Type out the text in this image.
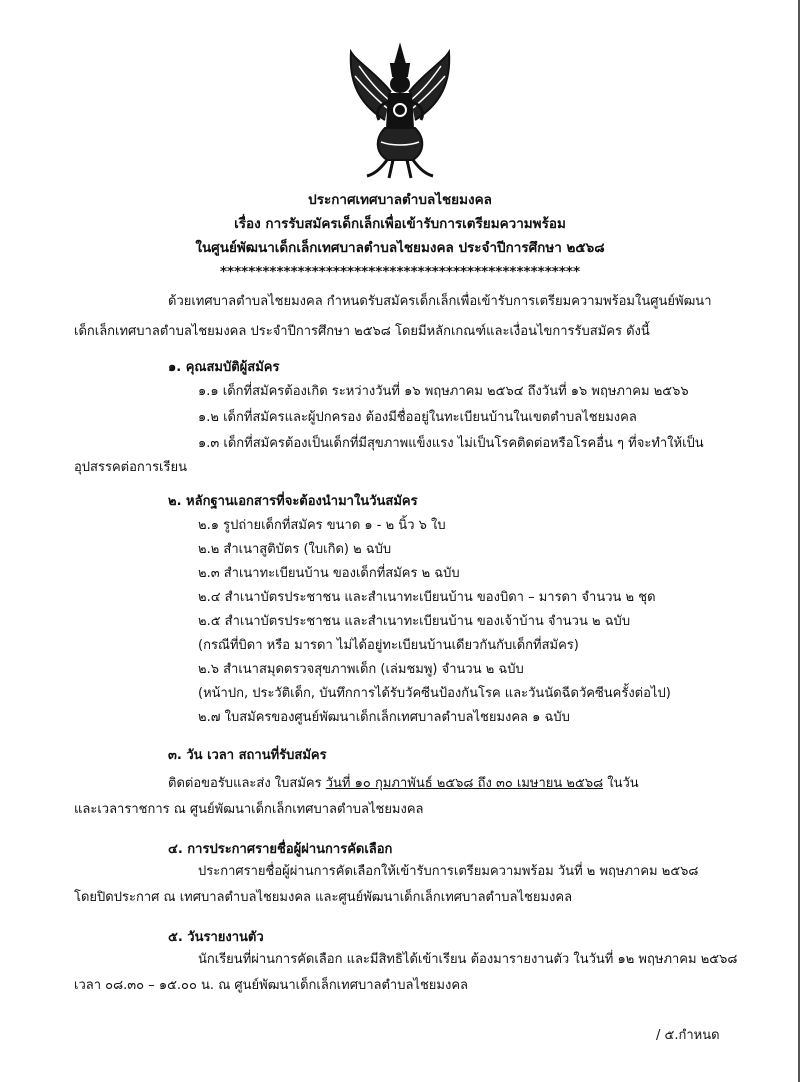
ประกาศเทศบาลตำบลไชยมงคล
เรื่อง การรับสมัครเด็กเล็กเพื่อเข้ารับการเตรียมความพร้อม
ในศูนย์พัฒนาเด็กเล็กเทศบาลตำบลไชยมงคล ประจำปีการศึกษา ๒๕๖๘
***************************************************
ด้วยเทศบาลตำบลไชยมงคล กำหนดรับสมัครเด็กเล็กเพื่อเข้ารับการเตรียมความพร้อมในศูนย์พัฒนา
เด็กเล็กเทศบาลตำบลไชยมงคล ประจำปีการศึกษา ๒๕๖๘ โดยมีหลักเกณฑ์และเงื่อนไขการรับสมัคร ดังนี้
๑. คุณสมบัติผู้สมัคร
๑.๑ เด็กที่สมัครต้องเกิด ระหว่างวันที่ ๑๖ พฤษภาคม ๒๕๖๔ ถึงวันที่ ๑๖ พฤษภาคม ๒๕๖๖
๑.๒ เด็กที่สมัครและผู้ปกครอง ต้องมีชื่ออยู่ในทะเบียนบ้านในเขตตำบลไชยมงคล
๑.๓ เด็กที่สมัครต้องเป็นเด็กที่มีสุขภาพแข็งแรง ไม่เป็นโรคติดต่อหรือโรคอื่น ๆ ที่จะทำให้เป็น
อุปสรรคต่อการเรียน
๒. หลักฐานเอกสารที่จะต้องนำมาในวันสมัคร
๒.๑ รูปถ่ายเด็กที่สมัคร ขนาด ๑ - ๒ นิ้ว ๖ ใบ
๒.๒ สำเนาสูติบัตร (ใบเกิด) ๒ ฉบับ
๒.๓ สำเนาทะเบียนบ้าน ของเด็กที่สมัคร ๒ ฉบับ
๒.๔ สำเนาบัตรประชาชน และสำเนาทะเบียนบ้าน ของบิดา – มารดา จำนวน ๒ ชุด
๒.๕ สำเนาบัตรประชาชน และสำเนาทะเบียนบ้าน ของเจ้าบ้าน จำนวน ๒ ฉบับ
(กรณีที่บิดา หรือ มารดา ไม่ได้อยู่ทะเบียนบ้านเดียวกันกับเด็กที่สมัคร)
๒.๖ สำเนาสมุดตรวจสุขภาพเด็ก (เล่มชมพู) จำนวน ๒ ฉบับ
(หน้าปก, ประวัติเด็ก, บันทึกการได้รับวัคซีนป้องกันโรค และวันนัดฉีดวัคซีนครั้งต่อไป)
๒.๗ ใบสมัครของศูนย์พัฒนาเด็กเล็กเทศบาลตำบลไชยมงคล ๑ ฉบับ
๓. วัน เวลา สถานที่รับสมัคร
ติดต่อขอรับและส่ง ใบสมัคร วันที่ ๑๐ กุมภาพันธ์ ๒๕๖๘ ถึง ๓๐ เมษายน ๒๕๖๘ ในวัน
และเวลาราชการ ณ ศูนย์พัฒนาเด็กเล็กเทศบาลตำบลไชยมงคล
๔. การประกาศรายชื่อผู้ผ่านการคัดเลือก
ประกาศรายชื่อผู้ผ่านการคัดเลือกให้เข้ารับการเตรียมความพร้อม วันที่ ๒ พฤษภาคม ๒๕๖๘
โดยปิดประกาศ ณ เทศบาลตำบลไชยมงคล และศูนย์พัฒนาเด็กเล็กเทศบาลตำบลไชยมงคล
๕. วันรายงานตัว
นักเรียนที่ผ่านการคัดเลือก และมีสิทธิได้เข้าเรียน ต้องมารายงานตัว ในวันที่ ๑๒ พฤษภาคม ๒๕๖๘
เวลา ๐๘.๓๐ – ๑๕.๐๐ น. ณ ศูนย์พัฒนาเด็กเล็กเทศบาลตำบลไชยมงคล
/ ๕.กำหนด
